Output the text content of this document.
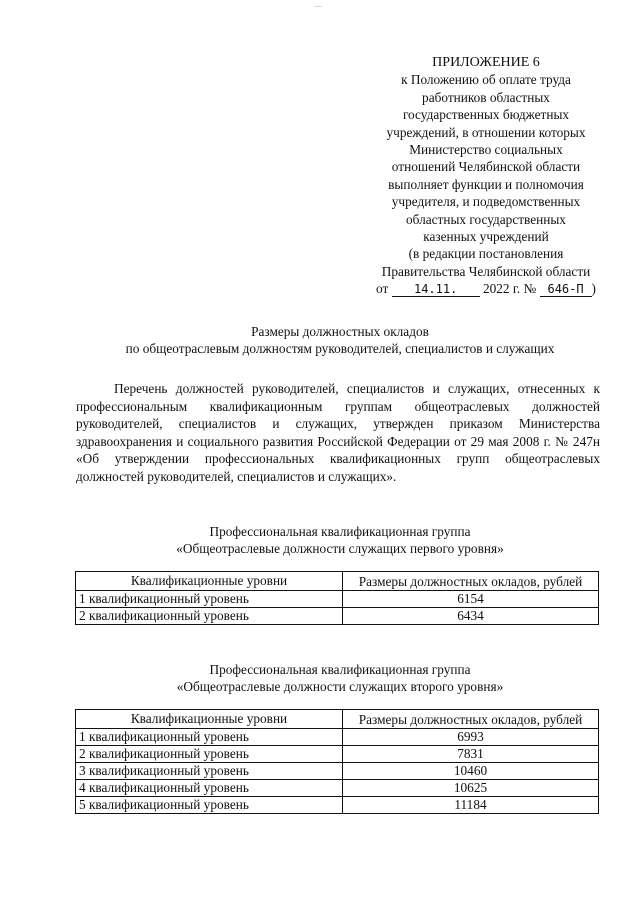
ПРИЛОЖЕНИЕ 6
к Положению об оплате труда
работников областных
государственных бюджетных
учреждений, в отношении которых
Министерство социальных
отношений Челябинской области
выполняет функции и полномочия
учредителя, и подведомственных
областных государственных
казенных учреждений
(в редакции постановления
Правительства Челябинской области
от 14.11. 2022 г. № 646-П )
Размеры должностных окладов
по общеотраслевым должностям руководителей, специалистов и служащих

Перечень должностей руководителей, специалистов и служащих, отнесенных к профессиональным квалификационным группам общеотраслевых должностей руководителей, специалистов и служащих, утвержден приказом Министерства здравоохранения и социального развития Российской Федерации от 29 мая 2008 г. № 247н «Об утверждении профессиональных квалификационных групп общеотраслевых должностей руководителей, специалистов и служащих».

Профессиональная квалификационная группа
«Общеотраслевые должности служащих первого уровня»
Квалификационные уровни	Размеры должностных окладов, рублей
1 квалификационный уровень	6154
2 квалификационный уровень	6434
Профессиональная квалификационная группа
«Общеотраслевые должности служащих второго уровня»
Квалификационные уровни	Размеры должностных окладов, рублей
1 квалификационный уровень	6993
2 квалификационный уровень	7831
3 квалификационный уровень	10460
4 квалификационный уровень	10625
5 квалификационный уровень	11184
